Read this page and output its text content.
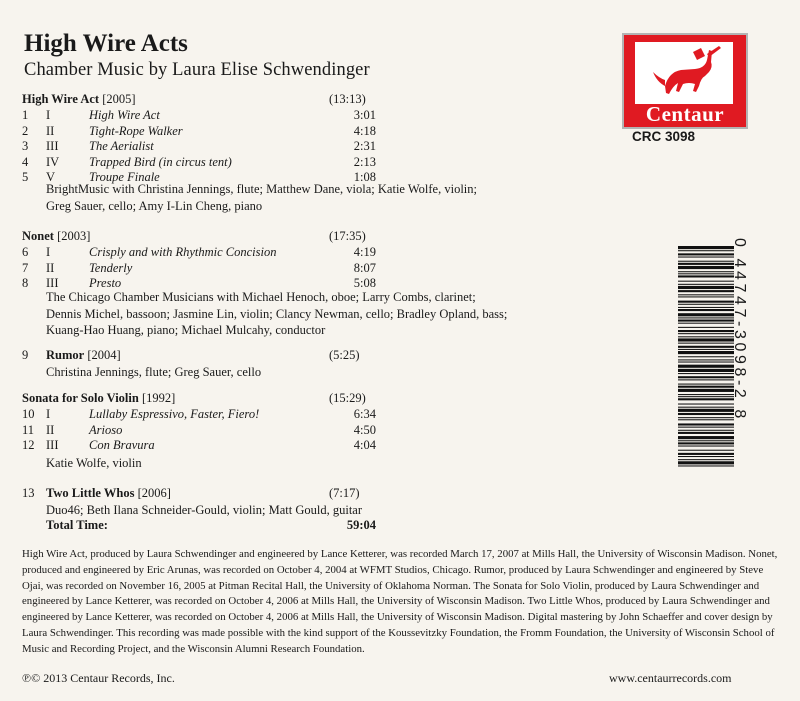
High Wire Acts
Chamber Music by Laura Elise Schwendinger
Centaur
CRC 3098
High Wire Act [2005]	(13:13)
1 I	High Wire Act	3:01
2 II	Tight-Rope Walker	4:18
3 III The Aerialist	2:31
4 IV Trapped Bird (in circus tent)	2:13
5 V	Troupe Finale	1:08
BrightMusic with Christina Jennings, flute; Matthew Dane, viola; Katie Wolfe, violin;
Greg Sauer, cello; Amy I-Lin Cheng, piano
Nonet [2003]	(17:35)
6 I	Crisply and with Rhythmic Concision	4:19
7 II	Tenderly	8:07
8 III Presto	5:08
The Chicago Chamber Musicians with Michael Henoch, oboe; Larry Combs, clarinet;
Dennis Michel, bassoon; Jasmine Lin, violin; Clancy Newman, cello; Bradley Opland, bass;
Kuang-Hao Huang, piano; Michael Mulcahy, conductor
9 Rumor [2004]	(5:25)
Christina Jennings, flute; Greg Sauer, cello
Sonata for Solo Violin [1992]	(15:29)
10 I	Lullaby Espressivo, Faster, Fiero!	6:34
11 II	Arioso	4:50
12 III Con Bravura	4:04
Katie Wolfe, violin
13 Two Little Whos [2006]	(7:17)
Duo46; Beth Ilana Schneider-Gould, violin; Matt Gould, guitar
Total Time:	59:04
0 44747-3098-2 8
High Wire Act, produced by Laura Schwendinger and engineered by Lance Ketterer, was recorded March 17, 2007 at Mills Hall, the University of Wisconsin Madison. Nonet, produced and engineered by Eric Arunas, was recorded on October 4, 2004 at WFMT Studios, Chicago. Rumor, produced by Laura Schwendinger and engineered by Steve Ojai, was recorded on November 16, 2005 at Pitman Recital Hall, the University of Oklahoma Norman. The Sonata for Solo Violin, produced by Laura Schwendinger and engineered by Lance Ketterer, was recorded on October 4, 2006 at Mills Hall, the University of Wisconsin Madison. Two Little Whos, produced by Laura Schwendinger and engineered by Lance Ketterer, was recorded on October 4, 2006 at Mills Hall, the University of Wisconsin Madison. Digital mastering by John Schaeffer and cover design by Laura Schwendinger. This recording was made possible with the kind support of the Koussevitzky Foundation, the Fromm Foundation, the University of Wisconsin School of Music and Recording Project, and the Wisconsin Alumni Research Foundation.
℗© 2013 Centaur Records, Inc.	www.centaurrecords.com
